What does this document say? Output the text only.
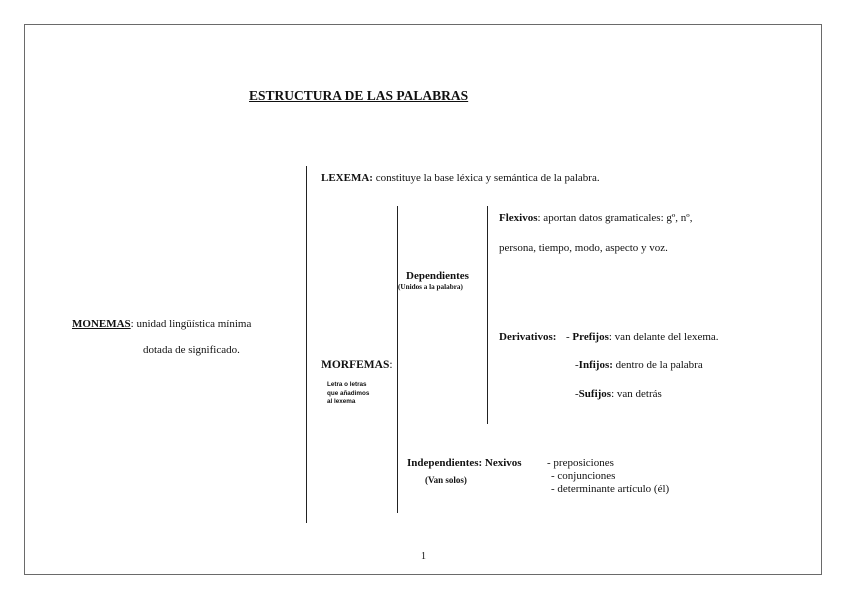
ESTRUCTURA DE LAS PALABRAS
MONEMAS: unidad lingüística mínima
dotada de significado.
LEXEMA: constituye la base léxica y semántica de la palabra.
MORFEMAS:
Letra o letras
que añadimos
al lexema
Dependientes
(Unidos a la palabra)
Flexivos: aportan datos gramaticales: gº, nº,
persona, tiempo, modo, aspecto y voz.
Derivativos: - Prefijos: van delante del lexema.
-Infijos: dentro de la palabra
-Sufijos: van detrás
Independientes: Nexivos
(Van solos)
- preposiciones
- conjunciones
- determinante artículo (él)
1
